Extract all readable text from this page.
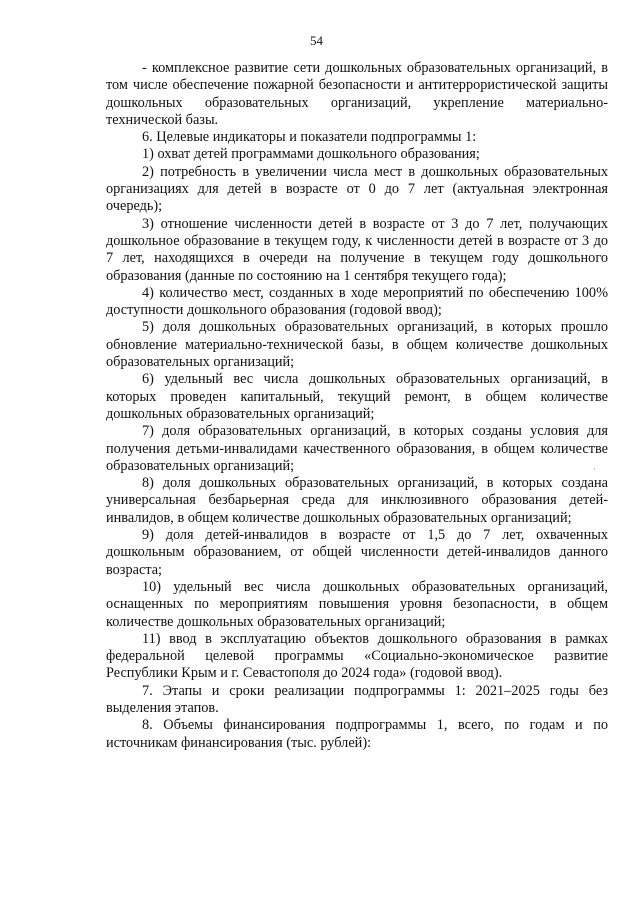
54

- комплексное развитие сети дошкольных образовательных организаций, в том числе обеспечение пожарной безопасности и антитеррористической защиты дошкольных образовательных организаций, укрепление материально-технической базы.

6. Целевые индикаторы и показатели подпрограммы 1:

1) охват детей программами дошкольного образования;

2) потребность в увеличении числа мест в дошкольных образовательных организациях для детей в возрасте от 0 до 7 лет (актуальная электронная очередь);

3) отношение численности детей в возрасте от 3 до 7 лет, получающих дошкольное образование в текущем году, к численности детей в возрасте от 3 до 7 лет, находящихся в очереди на получение в текущем году дошкольного образования (данные по состоянию на 1 сентября текущего года);

4) количество мест, созданных в ходе мероприятий по обеспечению 100% доступности дошкольного образования (годовой ввод);

5) доля дошкольных образовательных организаций, в которых прошло обновление материально-технической базы, в общем количестве дошкольных образовательных организаций;

6) удельный вес числа дошкольных образовательных организаций, в которых проведен капитальный, текущий ремонт, в общем количестве дошкольных образовательных организаций;

7) доля образовательных организаций, в которых созданы условия для получения детьми-инвалидами качественного образования, в общем количестве образовательных организаций;

8) доля дошкольных образовательных организаций, в которых создана универсальная безбарьерная среда для инклюзивного образования детей-инвалидов, в общем количестве дошкольных образовательных организаций;

9) доля детей-инвалидов в возрасте от 1,5 до 7 лет, охваченных дошкольным образованием, от общей численности детей-инвалидов данного возраста;

10) удельный вес числа дошкольных образовательных организаций, оснащенных по мероприятиям повышения уровня безопасности, в общем количестве дошкольных образовательных организаций;

11) ввод в эксплуатацию объектов дошкольного образования в рамках федеральной целевой программы «Социально-экономическое развитие Республики Крым и г. Севастополя до 2024 года» (годовой ввод).

7. Этапы и сроки реализации подпрограммы 1: 2021–2025 годы без выделения этапов.

8. Объемы финансирования подпрограммы 1, всего, по годам и по источникам финансирования (тыс. рублей):

·
